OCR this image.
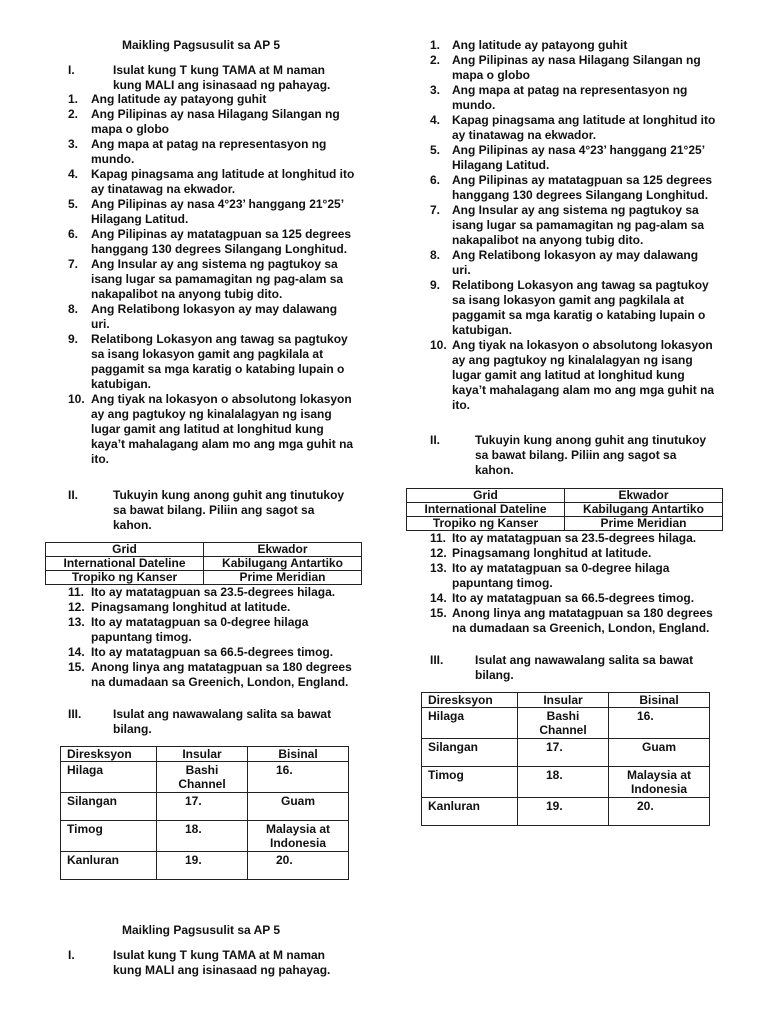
Maikling Pagsusulit sa AP 5
I.	Isulat kung T kung TAMA at M naman
kung MALI ang isinasaad ng pahayag.
1. Ang latitude ay patayong guhit
2. Ang Pilipinas ay nasa Hilagang Silangan ng
mapa o globo
3. Ang mapa at patag na representasyon ng
mundo.
4. Kapag pinagsama ang latitude at longhitud ito
ay tinatawag na ekwador.
5. Ang Pilipinas ay nasa 4°23’ hanggang 21°25’
Hilagang Latitud.
6. Ang Pilipinas ay matatagpuan sa 125 degrees
hanggang 130 degrees Silangang Longhitud.
7. Ang Insular ay ang sistema ng pagtukoy sa
isang lugar sa pamamagitan ng pag-alam sa
nakapalibot na anyong tubig dito.
8. Ang Relatibong lokasyon ay may dalawang
uri.
9. Relatibong Lokasyon ang tawag sa pagtukoy
sa isang lokasyon gamit ang pagkilala at
paggamit sa mga karatig o katabing lupain o
katubigan.
10. Ang tiyak na lokasyon o absolutong lokasyon
ay ang pagtukoy ng kinalalagyan ng isang
lugar gamit ang latitud at longhitud kung
kaya’t mahalagang alam mo ang mga guhit na
ito.
II.	Tukuyin kung anong guhit ang tinutukoy
sa bawat bilang. Piliin ang sagot sa
kahon.
Grid	Ekwador
International Dateline	Kabilugang Antartiko
Tropiko ng Kanser	Prime Meridian
11. Ito ay matatagpuan sa 23.5-degrees hilaga.
12. Pinagsamang longhitud at latitude.
13. Ito ay matatagpuan sa 0-degree hilaga
papuntang timog.
14. Ito ay matatagpuan sa 66.5-degrees timog.
15. Anong linya ang matatagpuan sa 180 degrees
na dumadaan sa Greenich, London, England.
III.	Isulat ang nawawalang salita sa bawat
bilang.
Diresksyon	Insular	Bisinal
Hilaga	Bashi Channel	16.
Silangan	17.	Guam
Timog	18.	Malaysia at Indonesia
Kanluran	19.	20.
Maikling Pagsusulit sa AP 5
I.	Isulat kung T kung TAMA at M naman
kung MALI ang isinasaad ng pahayag.
1. Ang latitude ay patayong guhit
2. Ang Pilipinas ay nasa Hilagang Silangan ng
mapa o globo
3. Ang mapa at patag na representasyon ng
mundo.
4. Kapag pinagsama ang latitude at longhitud ito
ay tinatawag na ekwador.
5. Ang Pilipinas ay nasa 4°23’ hanggang 21°25’
Hilagang Latitud.
6. Ang Pilipinas ay matatagpuan sa 125 degrees
hanggang 130 degrees Silangang Longhitud.
7. Ang Insular ay ang sistema ng pagtukoy sa
isang lugar sa pamamagitan ng pag-alam sa
nakapalibot na anyong tubig dito.
8. Ang Relatibong lokasyon ay may dalawang
uri.
9. Relatibong Lokasyon ang tawag sa pagtukoy
sa isang lokasyon gamit ang pagkilala at
paggamit sa mga karatig o katabing lupain o
katubigan.
10. Ang tiyak na lokasyon o absolutong lokasyon
ay ang pagtukoy ng kinalalagyan ng isang
lugar gamit ang latitud at longhitud kung
kaya’t mahalagang alam mo ang mga guhit na
ito.
II.	Tukuyin kung anong guhit ang tinutukoy
sa bawat bilang. Piliin ang sagot sa
kahon.
Grid	Ekwador
International Dateline	Kabilugang Antartiko
Tropiko ng Kanser	Prime Meridian
11. Ito ay matatagpuan sa 23.5-degrees hilaga.
12. Pinagsamang longhitud at latitude.
13. Ito ay matatagpuan sa 0-degree hilaga
papuntang timog.
14. Ito ay matatagpuan sa 66.5-degrees timog.
15. Anong linya ang matatagpuan sa 180 degrees
na dumadaan sa Greenich, London, England.
III.	Isulat ang nawawalang salita sa bawat
bilang.
Diresksyon	Insular	Bisinal
Hilaga	Bashi Channel	16.
Silangan	17.	Guam
Timog	18.	Malaysia at Indonesia
Kanluran	19.	20.
